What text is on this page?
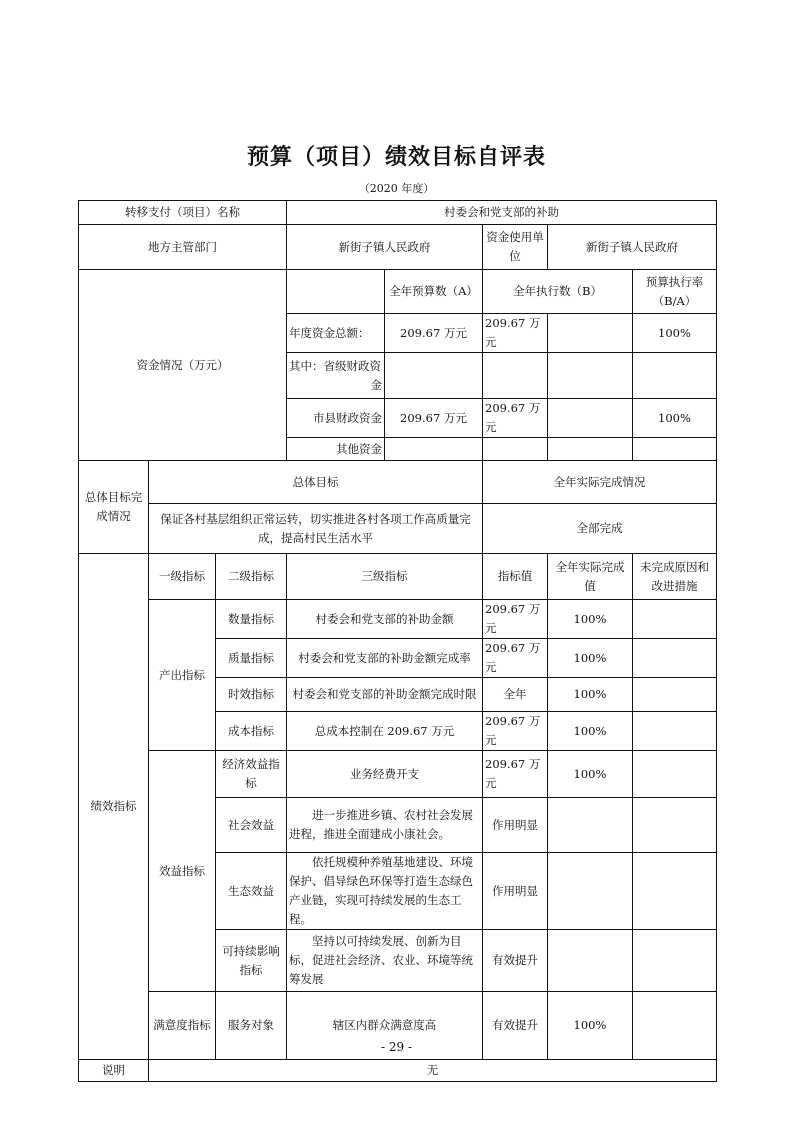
预算（项目）绩效目标自评表
（2020 年度）
转移支付（项目）名称			村委会和党支部的补助				
地方主管部门			新街子镇人民政府		资金使用单位	新街子镇人民政府	
资金情况（万元）				全年预算数（A）	全年执行数（B）		预算执行率（B/A）
			年度资金总额：	209.67 万元	209.67 万元		100%
			其中：省级财政资金				
			市县财政资金	209.67 万元	209.67 万元		100%
			其他资金				
总体目标完成情况	总体目标				全年实际完成情况		
	保证各村基层组织正常运转，切实推进各村各项工作高质量完成，提高村民生活水平				全部完成		
绩效指标	一级指标	二级指标	三级指标		指标值	全年实际完成值	未完成原因和改进措施
	产出指标	数量指标	村委会和党支部的补助金额		209.67 万元	100%	
		质量指标	村委会和党支部的补助金额完成率		209.67 万元	100%	
		时效指标	村委会和党支部的补助金额完成时限		全年	100%	
		成本指标	总成本控制在 209.67 万元		209.67 万元	100%	
	效益指标	经济效益指标	业务经费开支		209.67 万元	100%	
		社会效益	进一步推进乡镇、农村社会发展进程，推进全面建成小康社会。		作用明显		
		生态效益	依托规模种养殖基地建设、环境保护、倡导绿色环保等打造生态绿色产业链，实现可持续发展的生态工程。		作用明显		
		可持续影响指标	坚持以可持续发展、创新为目标，促进社会经济、农业、环境等统筹发展		有效提升		
	满意度指标	服务对象	辖区内群众满意度高		有效提升	100%	
说明	无						
- 29 -
